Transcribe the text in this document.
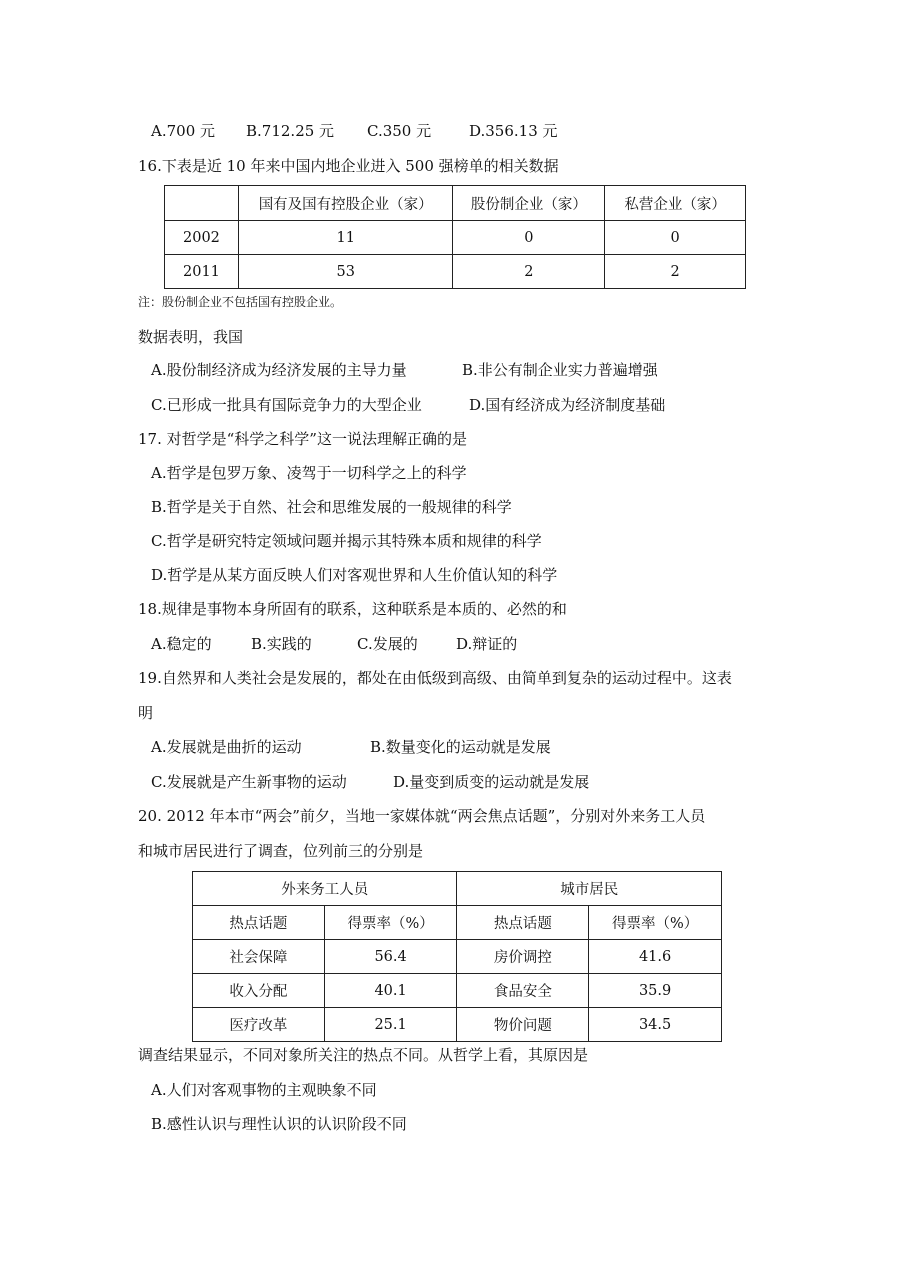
A.700 元 B.712.25 元 C.350 元	D.356.13 元
16.下表是近 10 年来中国内地企业进入 500 强榜单的相关数据
	国有及国有控股企业（家）	股份制企业（家）	私营企业（家）
2002	11	0	0
2011	53	2	2
注：股份制企业不包括国有控股企业。
数据表明，我国
A.股份制经济成为经济发展的主导力量	B.非公有制企业实力普遍增强
C.已形成一批具有国际竞争力的大型企业	D.国有经济成为经济制度基础
17. 对哲学是“科学之科学”这一说法理解正确的是
A.哲学是包罗万象、凌驾于一切科学之上的科学
B.哲学是关于自然、社会和思维发展的一般规律的科学
C.哲学是研究特定领域问题并揭示其特殊本质和规律的科学
D.哲学是从某方面反映人们对客观世界和人生价值认知的科学
18.规律是事物本身所固有的联系，这种联系是本质的、必然的和
A.稳定的	B.实践的	C.发展的	D.辩证的
19.自然界和人类社会是发展的，都处在由低级到高级、由简单到复杂的运动过程中。这表
明
A.发展就是曲折的运动	B.数量变化的运动就是发展
C.发展就是产生新事物的运动	D.量变到质变的运动就是发展
20. 2012 年本市“两会”前夕，当地一家媒体就“两会焦点话题”，分别对外来务工人员
和城市居民进行了调查，位列前三的分别是
外来务工人员		城市居民	
热点话题	得票率（%）	热点话题	得票率（%）
社会保障	56.4	房价调控	41.6
收入分配	40.1	食品安全	35.9
医疗改革	25.1	物价问题	34.5
调查结果显示，不同对象所关注的热点不同。从哲学上看，其原因是
A.人们对客观事物的主观映象不同
B.感性认识与理性认识的认识阶段不同
